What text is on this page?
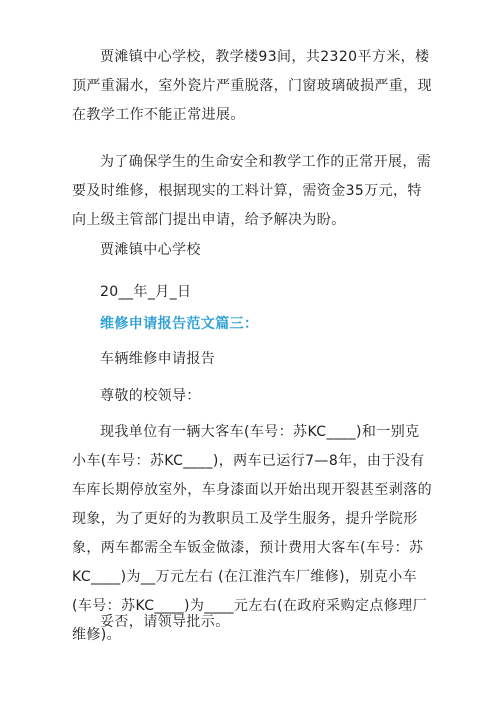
贾滩镇中心学校，教学楼93间，共2320平方米，楼顶严重漏水，室外瓷片严重脱落，门窗玻璃破损严重，现在教学工作不能正常进展。

为了确保学生的生命安全和教学工作的正常开展，需要及时维修，根据现实的工料计算，需资金35万元，特向上级主管部门提出申请，给予解决为盼。

贾滩镇中心学校

20__年_月_日

维修申请报告范文篇三：

车辆维修申请报告

尊敬的校领导：

现我单位有一辆大客车(车号：苏KC____)和一别克小车(车号：苏KC____)，两车已运行7—8年，由于没有车库长期停放室外，车身漆面以开始出现开裂甚至剥落的现象，为了更好的为教职员工及学生服务，提升学院形象，两车都需全车钣金做漆，预计费用大客车(车号：苏KC____)为__万元左右 (在江淮汽车厂维修)，别克小车(车号：苏KC____)为____元左右(在政府采购定点修理厂维修)。

妥否，请领导批示。
